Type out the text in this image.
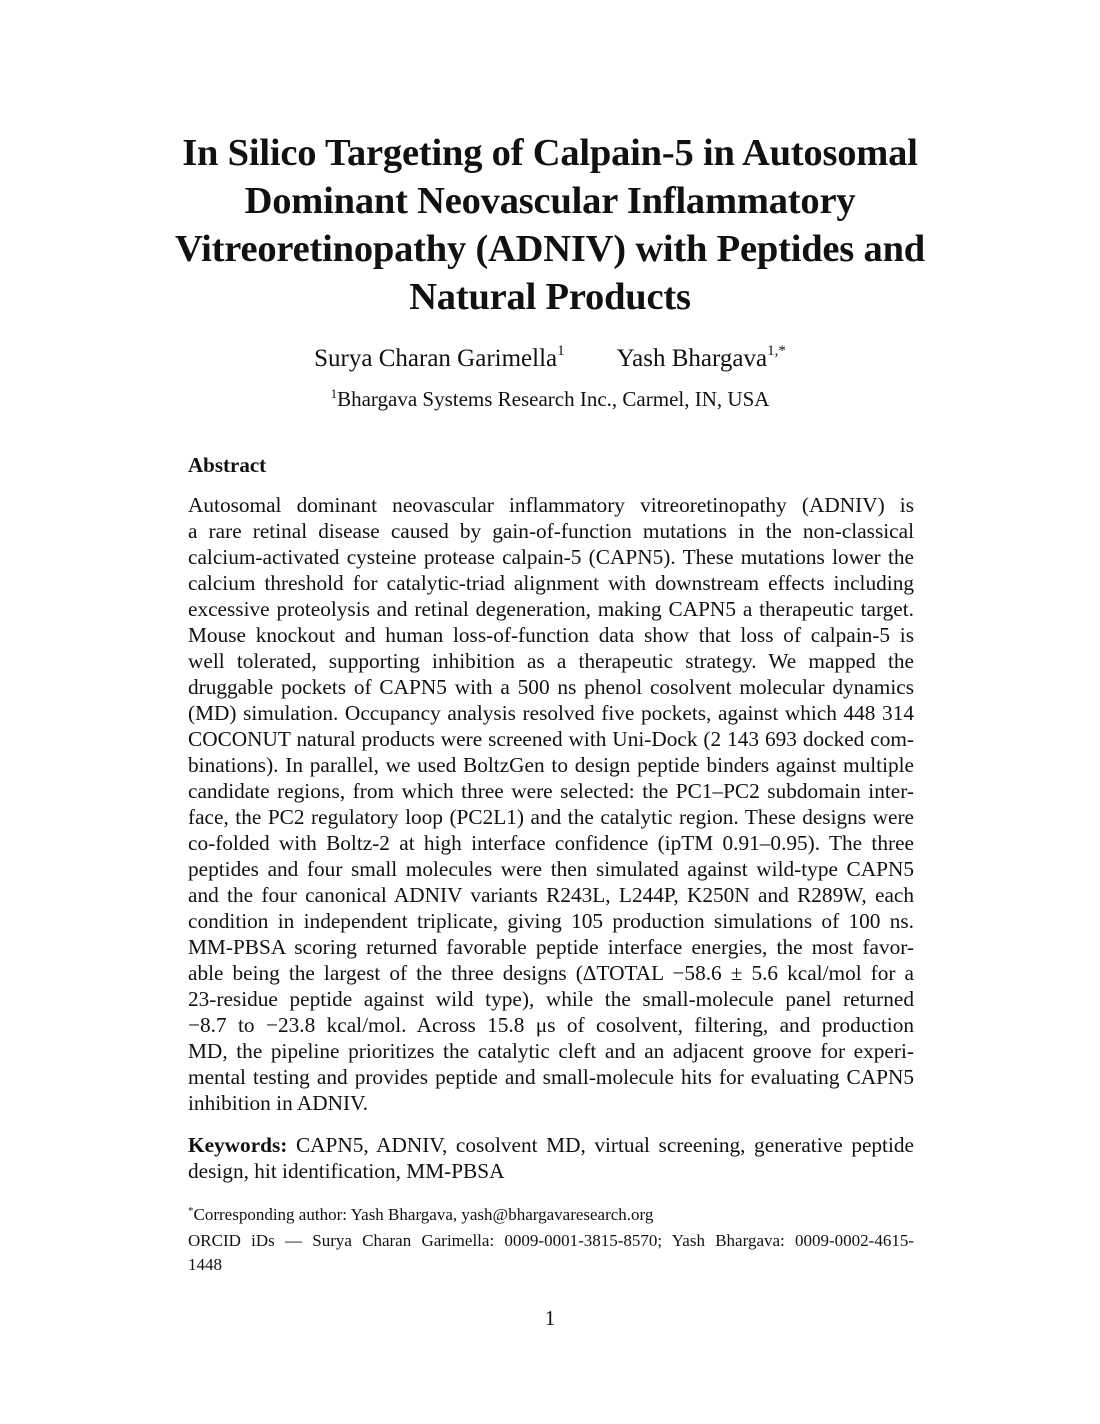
In Silico Targeting of Calpain-5 in Autosomal
Dominant Neovascular Inflammatory
Vitreoretinopathy (ADNIV) with Peptides and
Natural Products
Surya Charan Garimella$^1$ Yash Bhargava$^{1,*}$
$^1$Bhargava Systems Research Inc., Carmel, IN, USA
Abstract
Autosomal dominant neovascular inflammatory vitreoretinopathy (ADNIV) is
a rare retinal disease caused by gain-of-function mutations in the non-classical
calcium-activated cysteine protease calpain-5 (CAPN5). These mutations lower the
calcium threshold for catalytic-triad alignment with downstream effects including
excessive proteolysis and retinal degeneration, making CAPN5 a therapeutic target.
Mouse knockout and human loss-of-function data show that loss of calpain-5 is
well tolerated, supporting inhibition as a therapeutic strategy. We mapped the
druggable pockets of CAPN5 with a 500 ns phenol cosolvent molecular dynamics
(MD) simulation. Occupancy analysis resolved five pockets, against which 448 314
COCONUT natural products were screened with Uni-Dock (2 143 693 docked com-
binations). In parallel, we used BoltzGen to design peptide binders against multiple
candidate regions, from which three were selected: the PC1–PC2 subdomain inter-
face, the PC2 regulatory loop (PC2L1) and the catalytic region. These designs were
co-folded with Boltz-2 at high interface confidence (ipTM 0.91–0.95). The three
peptides and four small molecules were then simulated against wild-type CAPN5
and the four canonical ADNIV variants R243L, L244P, K250N and R289W, each
condition in independent triplicate, giving 105 production simulations of 100 ns.
MM-PBSA scoring returned favorable peptide interface energies, the most favor-
able being the largest of the three designs (ΔTOTAL −58.6 ± 5.6 kcal/mol for a
23-residue peptide against wild type), while the small-molecule panel returned
−8.7 to −23.8 kcal/mol. Across 15.8 μs of cosolvent, filtering, and production
MD, the pipeline prioritizes the catalytic cleft and an adjacent groove for experi-
mental testing and provides peptide and small-molecule hits for evaluating CAPN5
inhibition in ADNIV.
Keywords: CAPN5, ADNIV, cosolvent MD, virtual screening, generative peptide
design, hit identification, MM-PBSA
*Corresponding author: Yash Bhargava, yash@bhargavaresearch.org
ORCID iDs — Surya Charan Garimella: 0009-0001-3815-8570; Yash Bhargava: 0009-0002-4615-
1448
1
